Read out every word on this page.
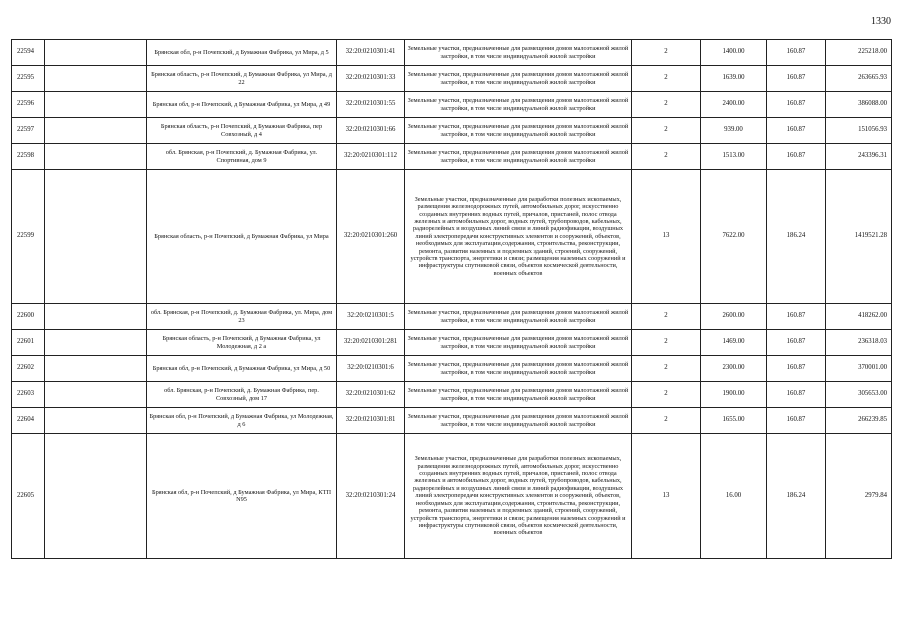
1330
22594		Брянская обл, р-н Почепский, д Бумажная Фабрика, ул Мира, д 5	32:20:0210301:41	Земельные участки, предназначенные для размещения домов малоэтажной жилой застройки, в том числе индивидуальной жилой застройки	2	1400.00	160.87	225218.00
22595		Брянская область, р-н Почепский, д Бумажная Фабрика, ул Мира, д 22	32:20:0210301:33	Земельные участки, предназначенные для размещения домов малоэтажной жилой застройки, в том числе индивидуальной жилой застройки	2	1639.00	160.87	263665.93
22596		Брянская обл, р-н Почепский, д Бумажная Фабрика, ул Мира, д 49	32:20:0210301:55	Земельные участки, предназначенные для размещения домов малоэтажной жилой застройки, в том числе индивидуальной жилой застройки	2	2400.00	160.87	386088.00
22597		Брянская область, р-н Почепский, д Бумажная Фабрика, пер Совхозный, д 4	32:20:0210301:66	Земельные участки, предназначенные для размещения домов малоэтажной жилой застройки, в том числе индивидуальной жилой застройки	2	939.00	160.87	151056.93
22598		обл. Брянская, р-н Почепский, д. Бумажная Фабрика, ул. Спортивная, дом 9	32:20:0210301:112	Земельные участки, предназначенные для размещения домов малоэтажной жилой застройки, в том числе индивидуальной жилой застройки	2	1513.00	160.87	243396.31
22599		Брянская область, р-н Почепский, д Бумажная Фабрика, ул Мира	32:20:0210301:260	Земельные участки, предназначенные для разработки полезных ископаемых, размещения железнодорожных путей, автомобильных дорог, искусственно созданных внутренних водных путей, причалов, пристаней, полос отвода железных и автомобильных дорог, водных путей, трубопроводов, кабельных, радиорелейных и воздушных линий связи и линий радиофикации, воздушных линий электропередачи конструктивных элементов и сооружений, объектов, необходимых для эксплуатации,содержания, строительства, реконструкции, ремонта, развития наземных и подземных зданий, строений, сооружений, устройств транспорта, энергетики и связи; размещения наземных сооружений и инфраструктуры спутниковой связи, объектов космической деятельности, военных объектов	13	7622.00	186.24	1419521.28
22600		обл. Брянская, р-н Почепский, д. Бумажная Фабрика, ул. Мира, дом 23	32:20:0210301:5	Земельные участки, предназначенные для размещения домов малоэтажной жилой застройки, в том числе индивидуальной жилой застройки	2	2600.00	160.87	418262.00
22601		Брянская область, р-н Почепский, д Бумажная Фабрика, ул Молодежная, д 2 а	32:20:0210301:281	Земельные участки, предназначенные для размещения домов малоэтажной жилой застройки, в том числе индивидуальной жилой застройки	2	1469.00	160.87	236318.03
22602		Брянская обл, р-н Почепский, д Бумажная Фабрика, ул Мира, д 50	32:20:0210301:6	Земельные участки, предназначенные для размещения домов малоэтажной жилой застройки, в том числе индивидуальной жилой застройки	2	2300.00	160.87	370001.00
22603		обл. Брянская, р-н Почепский, д. Бумажная Фабрика, пер. Совхозный, дом 17	32:20:0210301:62	Земельные участки, предназначенные для размещения домов малоэтажной жилой застройки, в том числе индивидуальной жилой застройки	2	1900.00	160.87	305653.00
22604		Брянская обл, р-н Почепский, д Бумажная Фабрика, ул Молодежная, д 6	32:20:0210301:81	Земельные участки, предназначенные для размещения домов малоэтажной жилой застройки, в том числе индивидуальной жилой застройки	2	1655.00	160.87	266239.85
22605		Брянская обл, р-н Почепский, д Бумажная Фабрика, ул Мира, КТП N95	32:20:0210301:24	Земельные участки, предназначенные для разработки полезных ископаемых, размещения железнодорожных путей, автомобильных дорог, искусственно созданных внутренних водных путей, причалов, пристаней, полос отвода железных и автомобильных дорог, водных путей, трубопроводов, кабельных, радиорелейных и воздушных линий связи и линий радиофикации, воздушных линий электропередачи конструктивных элементов и сооружений, объектов, необходимых для эксплуатации,содержания, строительства, реконструкции, ремонта, развития наземных и подземных зданий, строений, сооружений, устройств транспорта, энергетики и связи; размещения наземных сооружений и инфраструктуры спутниковой связи, объектов космической деятельности, военных объектов	13	16.00	186.24	2979.84
